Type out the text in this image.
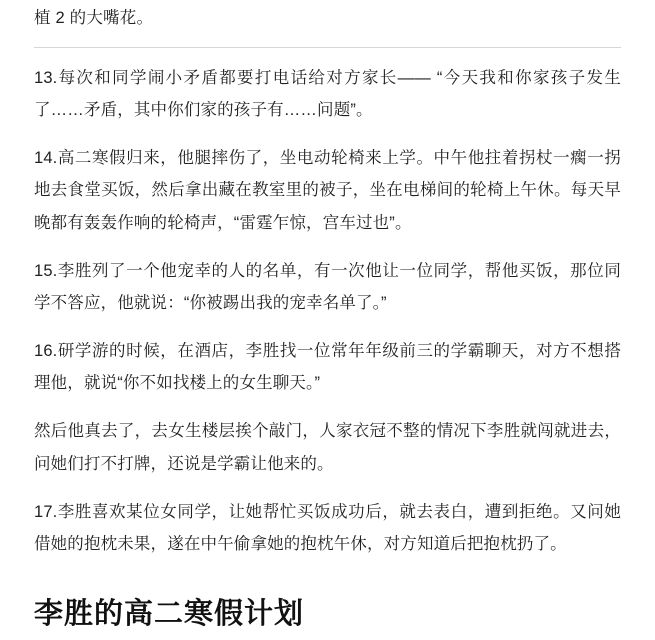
植 2 的大嘴花。

13.每次和同学闹小矛盾都要打电话给对方家长—— “今天我和你家孩子发生了……矛盾，其中你们家的孩子有……问题”。

14.高二寒假归来，他腿摔伤了，坐电动轮椅来上学。中午他拄着拐杖一瘸一拐地去食堂买饭，然后拿出藏在教室里的被子，坐在电梯间的轮椅上午休。每天早晚都有轰轰作响的轮椅声，“雷霆乍惊，宫车过也”。

15.李胜列了一个他宠幸的人的名单，有一次他让一位同学，帮他买饭，那位同学不答应，他就说：“你被踢出我的宠幸名单了。”

16.研学游的时候，在酒店，李胜找一位常年年级前三的学霸聊天，对方不想搭理他，就说“你不如找楼上的女生聊天。”

然后他真去了，去女生楼层挨个敲门，人家衣冠不整的情况下李胜就闯就进去，问她们打不打牌，还说是学霸让他来的。

17.李胜喜欢某位女同学，让她帮忙买饭成功后，就去表白，遭到拒绝。又问她借她的抱枕未果，遂在中午偷拿她的抱枕午休，对方知道后把抱枕扔了。

李胜的高二寒假计划
